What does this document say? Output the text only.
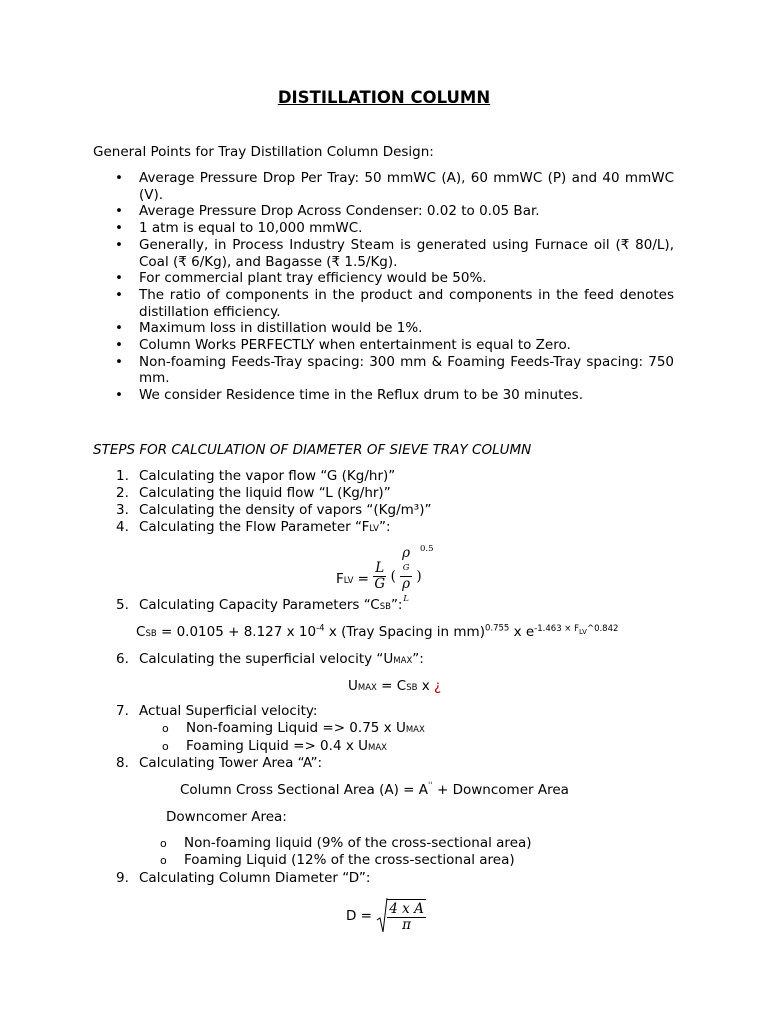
DISTILLATION COLUMN
General Points for Tray Distillation Column Design:
• Average Pressure Drop Per Tray: 50 mmWC (A), 60 mmWC (P) and 40 mmWC (V).
• Average Pressure Drop Across Condenser: 0.02 to 0.05 Bar.
• 1 atm is equal to 10,000 mmWC.
• Generally, in Process Industry Steam is generated using Furnace oil (₹ 80/L), Coal (₹ 6/Kg), and Bagasse (₹ 1.5/Kg).
• For commercial plant tray efficiency would be 50%.
• The ratio of components in the product and components in the feed denotes distillation efficiency.
• Maximum loss in distillation would be 1%.
• Column Works PERFECTLY when entertainment is equal to Zero.
• Non-foaming Feeds-Tray spacing: 300 mm & Foaming Feeds-Tray spacing: 750 mm.
• We consider Residence time in the Reflux drum to be 30 minutes.
STEPS FOR CALCULATION OF DIAMETER OF SIEVE TRAY COLUMN
1. Calculating the vapor flow “G (Kg/hr)”
2. Calculating the liquid flow “L (Kg/hr)”
3. Calculating the density of vapors “(Kg/m³)”
4. Calculating the Flow Parameter “FLV”:
FLV = $\frac{L}{G}$ ( ρ
G
ρ
L )
0.5
5. Calculating Capacity Parameters “CSB”:
CSB = 0.0105 + 8.127 x $10^{-4}$ x (Tray Spacing in mm)$^{0.755}$ x $e^{-1.463 \times F_{LV}\^{}0.842}$
6. Calculating the superficial velocity “UMAX”:
UMAX = CSB x ¿
7. Actual Superficial velocity:
o Non-foaming Liquid => 0.75 x UMAX
o Foaming Liquid => 0.4 x UMAX
8. Calculating Tower Area “A”:
Column Cross Sectional Area $(A) = A^{ˈˈ}$ + Downcomer Area
Downcomer Area:
o Non-foaming liquid (9% of the cross-sectional area)
o Foaming Liquid (12% of the cross-sectional area)
9. Calculating Column Diameter “D”:
$D = \frac{\text{4 x A}}{\pi}$
